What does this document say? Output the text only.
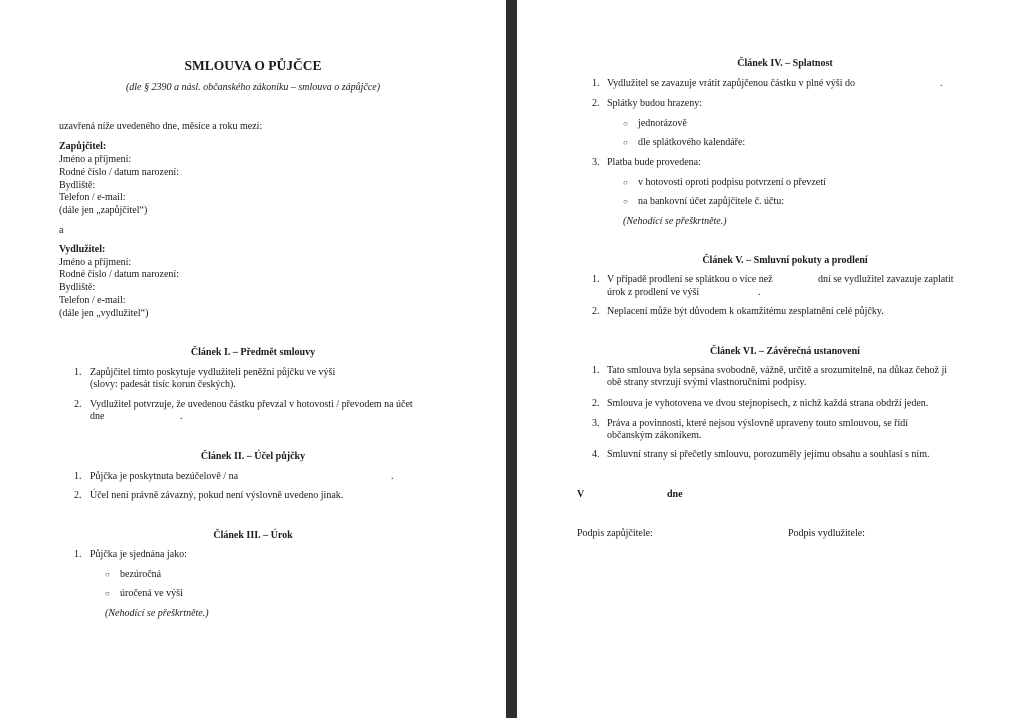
SMLOUVA O PŮJČCE
(dle § 2390 a násl. občanského zákoníku – smlouva o zápůjčce)
uzavřená níže uvedeného dne, měsíce a roku mezi:
Zapůjčitel:
Jméno a příjmení:
Rodné číslo / datum narození:
Bydliště:
Telefon / e-mail:
(dále jen „zapůjčitel“)
a
Vydlužitel:
Jméno a příjmení:
Rodné číslo / datum narození:
Bydliště:
Telefon / e-mail:
(dále jen „vydlužitel“)
Článek I. – Předmět smlouvy
1. Zapůjčitel tímto poskytuje vydlužiteli peněžní půjčku ve výši
(slovy: padesát tisíc korun českých).
2. Vydlužitel potvrzuje, že uvedenou částku převzal v hotovosti / převodem na účet
dne	.
Článek II. – Účel půjčky
1. Půjčka je poskytnuta bezúčelově / na	.
2. Účel není právně závazný, pokud není výslovně uvedeno jinak.
Článek III. – Úrok
1. Půjčka je sjednána jako:
○ bezúročná
○ úročená ve výši
(Nehodící se přeškrtněte.)
Článek IV. – Splatnost
1. Vydlužitel se zavazuje vrátit zapůjčenou částku v plné výši do	.
2. Splátky budou hrazeny:
○ jednorázově
○ dle splátkového kalendáře:
3. Platba bude provedena:
○ v hotovosti oproti podpisu potvrzení o převzetí
○ na bankovní účet zapůjčitele č. účtu:
(Nehodící se přeškrtněte.)
Článek V. – Smluvní pokuty a prodlení
1. V případě prodlení se splátkou o více než	dní se vydlužitel zavazuje zaplatit
úrok z prodlení ve výši	.
2. Neplacení může být důvodem k okamžitému zesplatnění celé půjčky.
Článek VI. – Závěrečná ustanovení
1. Tato smlouva byla sepsána svobodně, vážně, určitě a srozumitelně, na důkaz čehož ji
obě strany stvrzují svými vlastnoručními podpisy.
2. Smlouva je vyhotovena ve dvou stejnopisech, z nichž každá strana obdrží jeden.
3. Práva a povinnosti, které nejsou výslovně upraveny touto smlouvou, se řídí
občanským zákoníkem.
4. Smluvní strany si přečetly smlouvu, porozuměly jejímu obsahu a souhlasí s ním.
V	dne
Podpis zapůjčitele:	Podpis vydlužitele:
